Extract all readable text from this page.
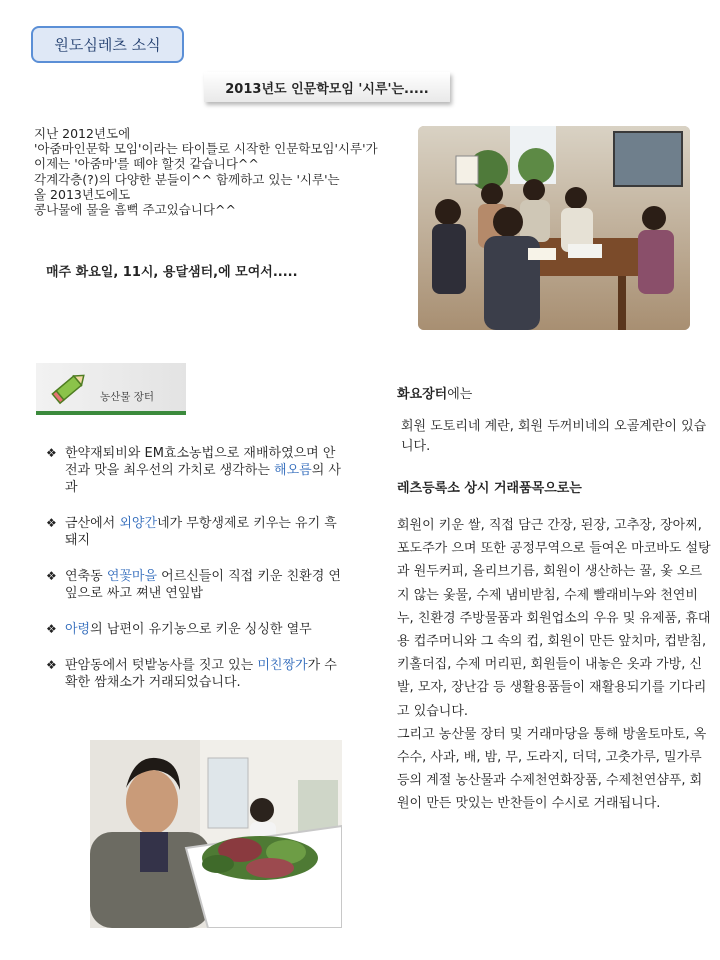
원도심레츠 소식
2013년도 인문학모임 '시루'는.....
지난 2012년도에
'아줌마인문학 모임'이라는 타이틀로 시작한 인문학모임'시루'가
이제는 '아줌마'를 떼야 할것 같습니다^^
각계각층(?)의 다양한 분들이^^ 함께하고 있는 '시루'는
올 2013년도에도
콩나물에 물을 흠뻑 주고있습니다^^
매주 화요일, 11시, 용달샘터,에 모여서.....
농산물 장터
❖ 한약재퇴비와 EM효소농법으로 재배하였으며 안전과 맛을 최우선의 가치로 생각하는 해오름의 사과
❖ 금산에서 외양간네가 무항생제로 키우는 유기 흑돼지
❖ 연축동 연꽃마을 어르신들이 직접 키운 친환경 연잎으로 싸고 쪄낸 연잎밥
❖ 아령의 남편이 유기농으로 키운 싱싱한 열무
❖ 판암동에서 텃밭농사를 짓고 있는 미친짱가가 수확한 쌈채소가 거래되었습니다.
화요장터에는
회원 도토리네 계란, 회원 두꺼비네의 오골계란이 있습니다.
레츠등록소 상시 거래품목으로는
회원이 키운 쌀, 직접 담근 간장, 된장, 고추장, 장아찌, 포도주가 으며 또한 공정무역으로 들여온 마코바도 설탕과 원두커피, 올리브기름, 회원이 생산하는 꿀, 옻 오르지 않는 옻물, 수제 냄비받침, 수제 빨래비누와 천연비누, 친환경 주방물품과 회원업소의 우유 및 유제품, 휴대용 컵주머니와 그 속의 컵, 회원이 만든 앞치마, 컵받침, 키홀더집, 수제 머리핀, 회원들이 내놓은 옷과 가방, 신발, 모자, 장난감 등 생활용품들이 재활용되기를 기다리고 있습니다.
그리고 농산물 장터 및 거래마당을 통해 방울토마토, 옥수수, 사과, 배, 밤, 무, 도라지, 더덕, 고춧가루, 밀가루 등의 계절 농산물과 수제천연화장품, 수제천연샴푸, 회원이 만든 맛있는 반찬들이 수시로 거래됩니다.
